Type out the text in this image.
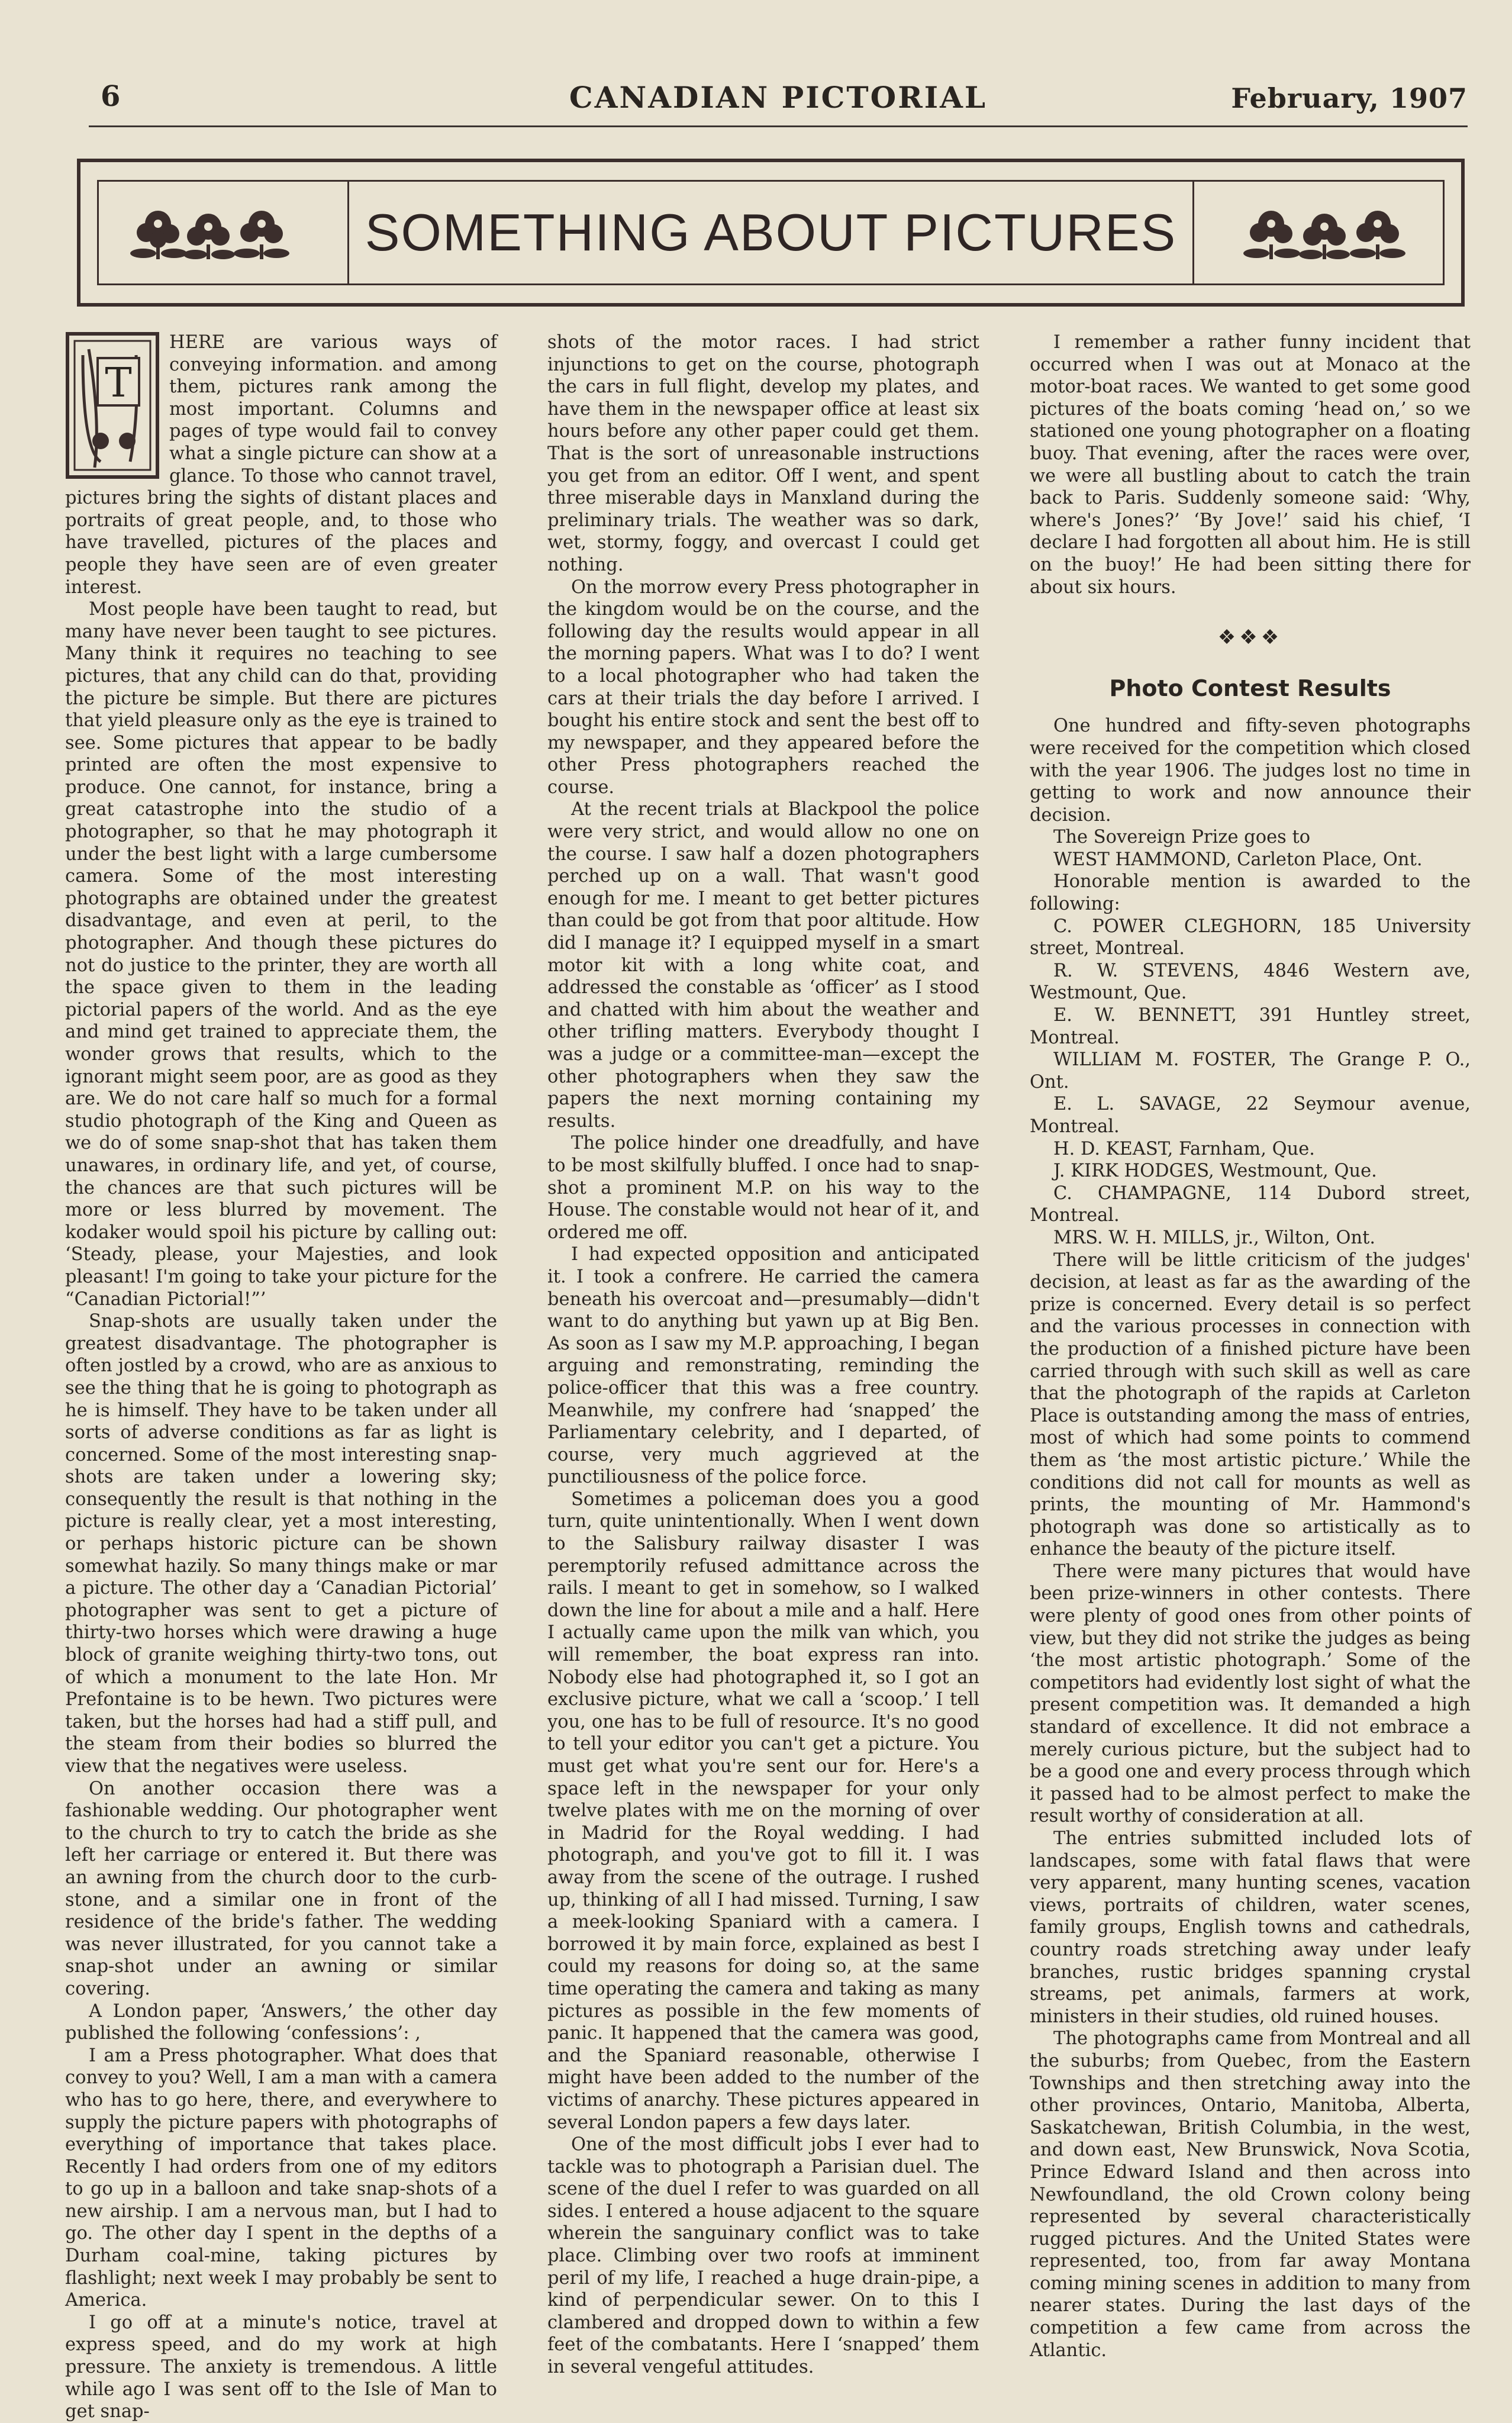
6	CANADIAN PICTORIAL	February, 1907
SOMETHING ABOUT PICTURES
T

HERE are various ways of conveying information. and among them, pictures rank among the most important. Columns and pages of type would fail to convey what a single picture can show at a glance. To those who cannot travel, pictures bring the sights of distant places and portraits of great people, and, to those who have travelled, pictures of the places and people they have seen are of even greater interest.

Most people have been taught to read, but many have never been taught to see pictures. Many think it requires no teaching to see pictures, that any child can do that, providing the picture be simple. But there are pictures that yield pleasure only as the eye is trained to see. Some pictures that appear to be badly printed are often the most expensive to produce. One cannot, for instance, bring a great catastrophe into the studio of a photographer, so that he may photograph it under the best light with a large cumbersome camera. Some of the most interesting photographs are obtained under the greatest disadvantage, and even at peril, to the photographer. And though these pictures do not do justice to the printer, they are worth all the space given to them in the leading pictorial papers of the world. And as the eye and mind get trained to appreciate them, the wonder grows that results, which to the ignorant might seem poor, are as good as they are. We do not care half so much for a formal studio photograph of the King and Queen as we do of some snap-shot that has taken them unawares, in ordinary life, and yet, of course, the chances are that such pictures will be more or less blurred by movement. The kodaker would spoil his picture by calling out: ‘Steady, please, your Majesties, and look pleasant! I'm going to take your picture for the “Canadian Pictorial!”’

Snap-shots are usually taken under the greatest disadvantage. The photographer is often jostled by a crowd, who are as anxious to see the thing that he is going to photograph as he is himself. They have to be taken under all sorts of adverse conditions as far as light is concerned. Some of the most interesting snap-shots are taken under a lowering sky; consequently the result is that nothing in the picture is really clear, yet a most interesting, or perhaps historic picture can be shown somewhat hazily. So many things make or mar a picture. The other day a ‘Canadian Pictorial’ photographer was sent to get a picture of thirty-two horses which were drawing a huge block of granite weighing thirty-two tons, out of which a monument to the late Hon. Mr Prefontaine is to be hewn. Two pictures were taken, but the horses had had a stiff pull, and the steam from their bodies so blurred the view that the negatives were useless.

On another occasion there was a fashionable wedding. Our photographer went to the church to try to catch the bride as she left her carriage or entered it. But there was an awning from the church door to the curb-stone, and a similar one in front of the residence of the bride's father. The wedding was never illustrated, for you cannot take a snap-shot under an awning or similar covering.

A London paper, ‘Answers,’ the other day published the following ‘confessions’: ,

I am a Press photographer. What does that convey to you? Well, I am a man with a camera who has to go here, there, and everywhere to supply the picture papers with photographs of everything of importance that takes place. Recently I had orders from one of my editors to go up in a balloon and take snap-shots of a new airship. I am a nervous man, but I had to go. The other day I spent in the depths of a Durham coal-mine, taking pictures by flashlight; next week I may probably be sent to America.

I go off at a minute's notice, travel at express speed, and do my work at high pressure. The anxiety is tremendous. A little while ago I was sent off to the Isle of Man to get snap-

shots of the motor races. I had strict injunctions to get on the course, photograph the cars in full flight, develop my plates, and have them in the newspaper office at least six hours before any other paper could get them. That is the sort of unreasonable instructions you get from an editor. Off I went, and spent three miserable days in Manxland during the preliminary trials. The weather was so dark, wet, stormy, foggy, and overcast I could get nothing.

On the morrow every Press photographer in the kingdom would be on the course, and the following day the results would appear in all the morning papers. What was I to do? I went to a local photographer who had taken the cars at their trials the day before I arrived. I bought his entire stock and sent the best off to my newspaper, and they appeared before the other Press photographers reached the course.

At the recent trials at Blackpool the police were very strict, and would allow no one on the course. I saw half a dozen photographers perched up on a wall. That wasn't good enough for me. I meant to get better pictures than could be got from that poor altitude. How did I manage it? I equipped myself in a smart motor kit with a long white coat, and addressed the constable as ‘officer’ as I stood and chatted with him about the weather and other trifling matters. Everybody thought I was a judge or a committee-man—except the other photographers when they saw the papers the next morning containing my results.

The police hinder one dreadfully, and have to be most skilfully bluffed. I once had to snap-shot a prominent M.P. on his way to the House. The constable would not hear of it, and ordered me off.

I had expected opposition and anticipated it. I took a confrere. He carried the camera beneath his overcoat and—presumably—didn't want to do anything but yawn up at Big Ben. As soon as I saw my M.P. approaching, I began arguing and remonstrating, reminding the police-officer that this was a free country. Meanwhile, my confrere had ‘snapped’ the Parliamentary celebrity, and I departed, of course, very much aggrieved at the punctiliousness of the police force.

Sometimes a policeman does you a good turn, quite unintentionally. When I went down to the Salisbury railway disaster I was peremptorily refused admittance across the rails. I meant to get in somehow, so I walked down the line for about a mile and a half. Here I actually came upon the milk van which, you will remember, the boat express ran into. Nobody else had photographed it, so I got an exclusive picture, what we call a ‘scoop.’ I tell you, one has to be full of resource. It's no good to tell your editor you can't get a picture. You must get what you're sent our for. Here's a space left in the newspaper for your only twelve plates with me on the morning of over in Madrid for the Royal wedding. I had photograph, and you've got to fill it. I was away from the scene of the outrage. I rushed up, thinking of all I had missed. Turning, I saw a meek-looking Spaniard with a camera. I borrowed it by main force, explained as best I could my reasons for doing so, at the same time operating the camera and taking as many pictures as possible in the few moments of panic. It happened that the camera was good, and the Spaniard reasonable, otherwise I might have been added to the number of the victims of anarchy. These pictures appeared in several London papers a few days later.

One of the most difficult jobs I ever had to tackle was to photograph a Parisian duel. The scene of the duel I refer to was guarded on all sides. I entered a house adjacent to the square wherein the sanguinary conflict was to take place. Climbing over two roofs at imminent peril of my life, I reached a huge drain-pipe, a kind of perpendicular sewer. On to this I clambered and dropped down to within a few feet of the combatants. Here I ‘snapped’ them in several vengeful attitudes.

I remember a rather funny incident that occurred when I was out at Monaco at the motor-boat races. We wanted to get some good pictures of the boats coming ‘head on,’ so we stationed one young photographer on a floating buoy. That evening, after the races were over, we were all bustling about to catch the train back to Paris. Suddenly someone said: ‘Why, where's Jones?’ ‘By Jove!’ said his chief, ‘I declare I had forgotten all about him. He is still on the buoy!’ He had been sitting there for about six hours.

❖❖❖
Photo Contest Results

One hundred and fifty-seven photographs were received for the competition which closed with the year 1906. The judges lost no time in getting to work and now announce their decision.

The Sovereign Prize goes to

WEST HAMMOND, Carleton Place, Ont.

Honorable mention is awarded to the following:

C. POWER CLEGHORN, 185 University street, Montreal.

R. W. STEVENS, 4846 Western ave, Westmount, Que.

E. W. BENNETT, 391 Huntley street, Montreal.

WILLIAM M. FOSTER, The Grange P. O., Ont.

E. L. SAVAGE, 22 Seymour avenue, Montreal.

H. D. KEAST, Farnham, Que.

J. KIRK HODGES, Westmount, Que.

C. CHAMPAGNE, 114 Dubord street, Montreal.

MRS. W. H. MILLS, jr., Wilton, Ont.

There will be little criticism of the judges' decision, at least as far as the awarding of the prize is concerned. Every detail is so perfect and the various processes in connection with the production of a finished picture have been carried through with such skill as well as care that the photograph of the rapids at Carleton Place is outstanding among the mass of entries, most of which had some points to commend them as ‘the most artistic picture.’ While the conditions did not call for mounts as well as prints, the mounting of Mr. Hammond's photograph was done so artistically as to enhance the beauty of the picture itself.

There were many pictures that would have been prize-winners in other contests. There were plenty of good ones from other points of view, but they did not strike the judges as being ‘the most artistic photograph.’ Some of the competitors had evidently lost sight of what the present competition was. It demanded a high standard of excellence. It did not embrace a merely curious picture, but the subject had to be a good one and every process through which it passed had to be almost perfect to make the result worthy of consideration at all.

The entries submitted included lots of landscapes, some with fatal flaws that were very apparent, many hunting scenes, vacation views, portraits of children, water scenes, family groups, English towns and cathedrals, country roads stretching away under leafy branches, rustic bridges spanning crystal streams, pet animals, farmers at work, ministers in their studies, old ruined houses.

The photographs came from Montreal and all the suburbs; from Quebec, from the Eastern Townships and then stretching away into the other provinces, Ontario, Manitoba, Alberta, Saskatchewan, British Columbia, in the west, and down east, New Brunswick, Nova Scotia, Prince Edward Island and then across into Newfoundland, the old Crown colony being represented by several characteristically rugged pictures. And the United States were represented, too, from far away Montana coming mining scenes in addition to many from nearer states. During the last days of the competition a few came from across the Atlantic.
